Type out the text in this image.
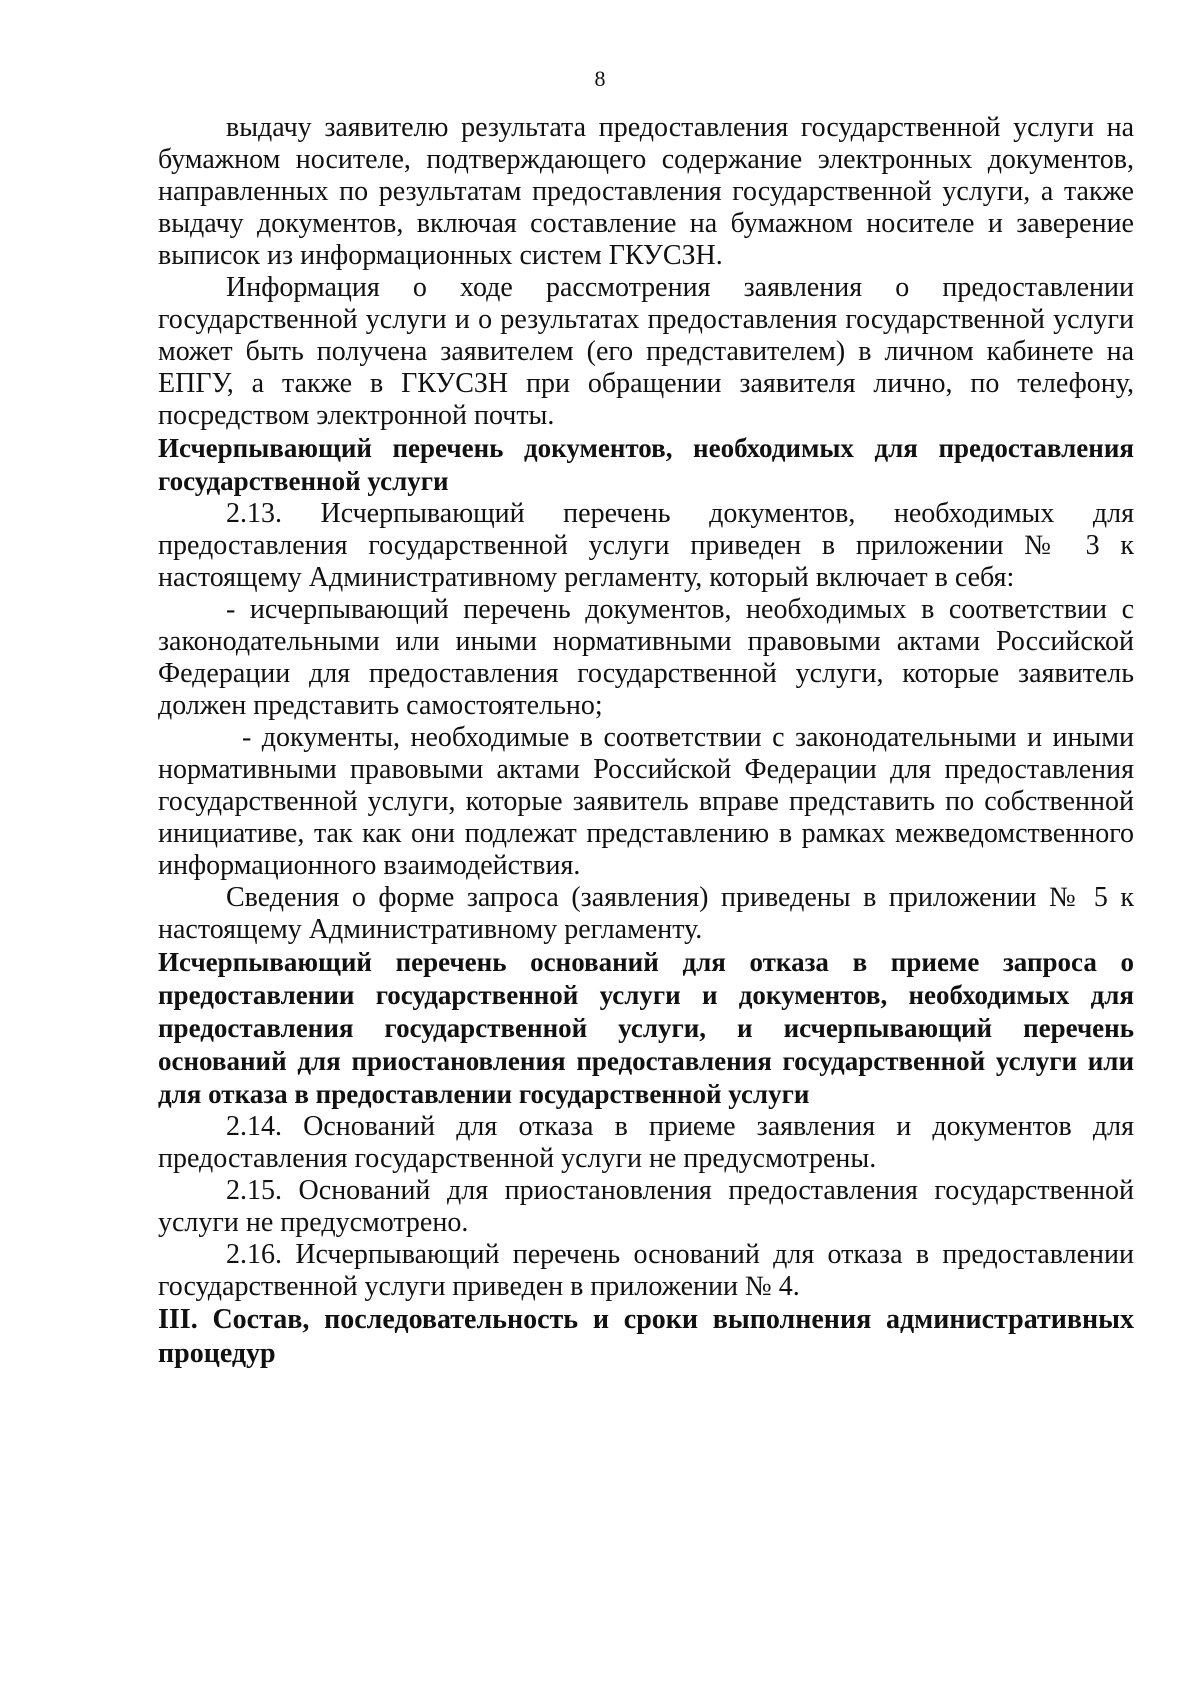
8

выдачу заявителю результата предоставления государственной услуги на бумажном носителе, подтверждающего содержание электронных документов, направленных по результатам предоставления государственной услуги, а также выдачу документов, включая составление на бумажном носителе и заверение выписок из информационных систем ГКУСЗН.

Информация о ходе рассмотрения заявления о предоставлении государственной услуги и о результатах предоставления государственной услуги может быть получена заявителем (его представителем) в личном кабинете на ЕПГУ, а также в ГКУСЗН при обращении заявителя лично, по телефону, посредством электронной почты.

Исчерпывающий перечень документов, необходимых для предоставления государственной услуги

2.13. Исчерпывающий перечень документов, необходимых для предоставления государственной услуги приведен в приложении № 3 к настоящему Административному регламенту, который включает в себя:

- исчерпывающий перечень документов, необходимых в соответствии с законодательными или иными нормативными правовыми актами Российской Федерации для предоставления государственной услуги, которые заявитель должен представить самостоятельно;

- документы, необходимые в соответствии с законодательными и иными нормативными правовыми актами Российской Федерации для предоставления государственной услуги, которые заявитель вправе представить по собственной инициативе, так как они подлежат представлению в рамках межведомственного информационного взаимодействия.

Сведения о форме запроса (заявления) приведены в приложении № 5 к настоящему Административному регламенту.

Исчерпывающий перечень оснований для отказа в приеме запроса о предоставлении государственной услуги и документов, необходимых для предоставления государственной услуги, и исчерпывающий перечень оснований для приостановления предоставления государственной услуги или для отказа в предоставлении государственной услуги

2.14. Оснований для отказа в приеме заявления и документов для предоставления государственной услуги не предусмотрены.

2.15. Оснований для приостановления предоставления государственной услуги не предусмотрено.

2.16. Исчерпывающий перечень оснований для отказа в предоставлении государственной услуги приведен в приложении № 4.

III. Состав, последовательность и сроки выполнения административных процедур
